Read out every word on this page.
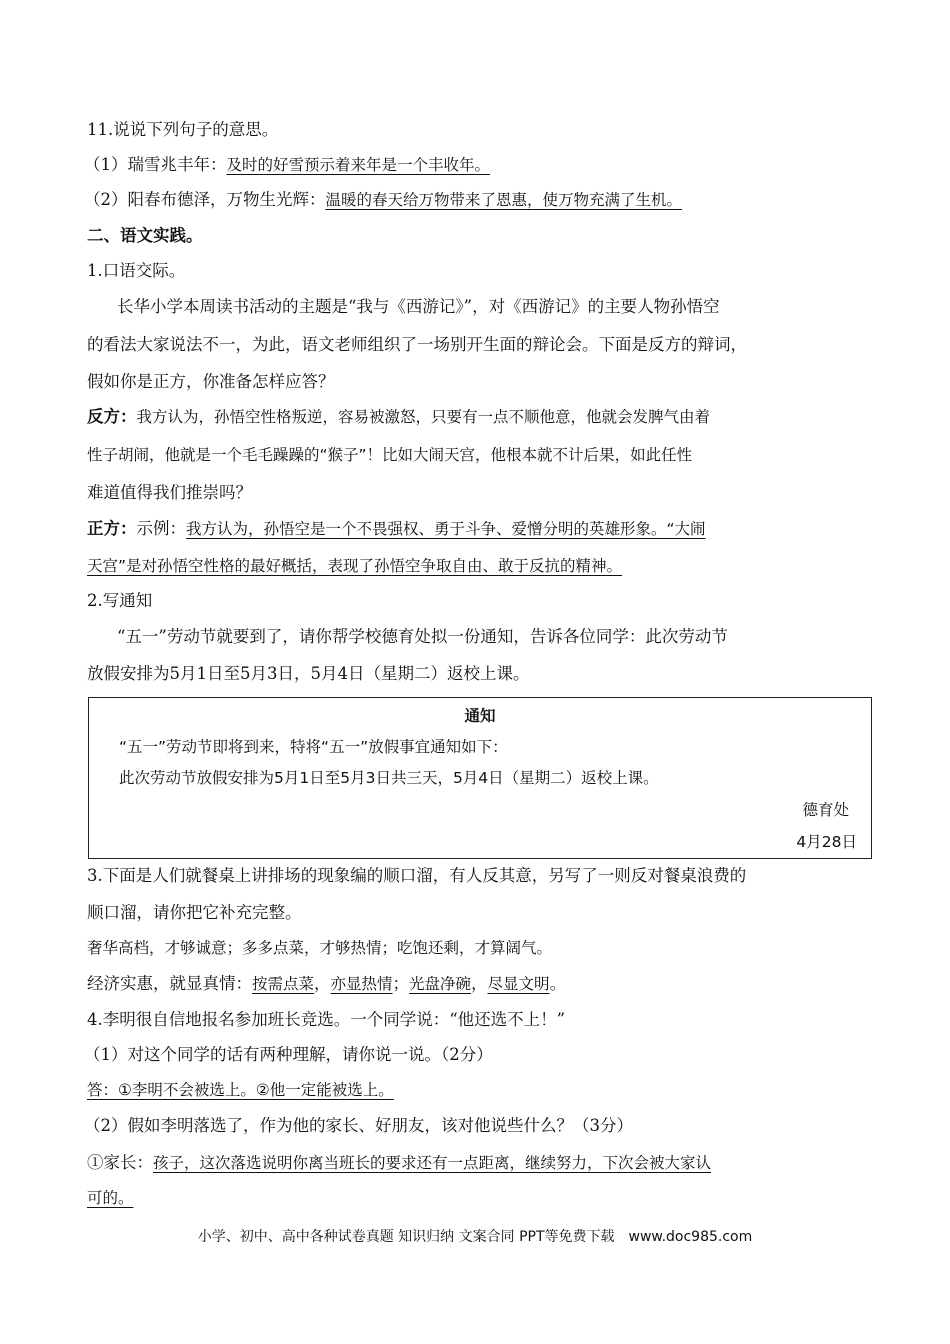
11.说说下列句子的意思。
（1）瑞雪兆丰年：及时的好雪预示着来年是一个丰收年。
（2）阳春布德泽，万物生光辉：温暖的春天给万物带来了恩惠，使万物充满了生机。
二、语文实践。
1.口语交际。
长华小学本周读书活动的主题是“我与《西游记》”，对《西游记》的主要人物孙悟空
的看法大家说法不一，为此，语文老师组织了一场别开生面的辩论会。下面是反方的辩词，
假如你是正方，你准备怎样应答？
反方：我方认为，孙悟空性格叛逆，容易被激怒，只要有一点不顺他意，他就会发脾气由着
性子胡闹，他就是一个毛毛躁躁的“猴子”！比如大闹天宫，他根本就不计后果，如此任性
难道值得我们推崇吗？
正方：示例：我方认为，孙悟空是一个不畏强权、勇于斗争、爱憎分明的英雄形象。“大闹
天宫”是对孙悟空性格的最好概括，表现了孙悟空争取自由、敢于反抗的精神。
2.写通知
“五一”劳动节就要到了，请你帮学校德育处拟一份通知，告诉各位同学：此次劳动节
放假安排为5月1日至5月3日，5月4日（星期二）返校上课。
通知
“五一”劳动节即将到来，特将“五一”放假事宜通知如下：
此次劳动节放假安排为5月1日至5月3日共三天，5月4日（星期二）返校上课。
德育处
4月28日
3.下面是人们就餐桌上讲排场的现象编的顺口溜，有人反其意，另写了一则反对餐桌浪费的
顺口溜，请你把它补充完整。
奢华高档，才够诚意；多多点菜，才够热情；吃饱还剩，才算阔气。
经济实惠，就显真情：按需点菜，亦显热情；光盘净碗，尽显文明。
4.李明很自信地报名参加班长竞选。一个同学说：“他还选不上！”
（1）对这个同学的话有两种理解，请你说一说。（2分）
答：①李明不会被选上。②他一定能被选上。
（2）假如李明落选了，作为他的家长、好朋友，该对他说些什么？（3分）
①家长：孩子，这次落选说明你离当班长的要求还有一点距离，继续努力，下次会被大家认
可的。
小学、初中、高中各种试卷真题 知识归纳 文案合同 PPT等免费下载 www.doc985.com
